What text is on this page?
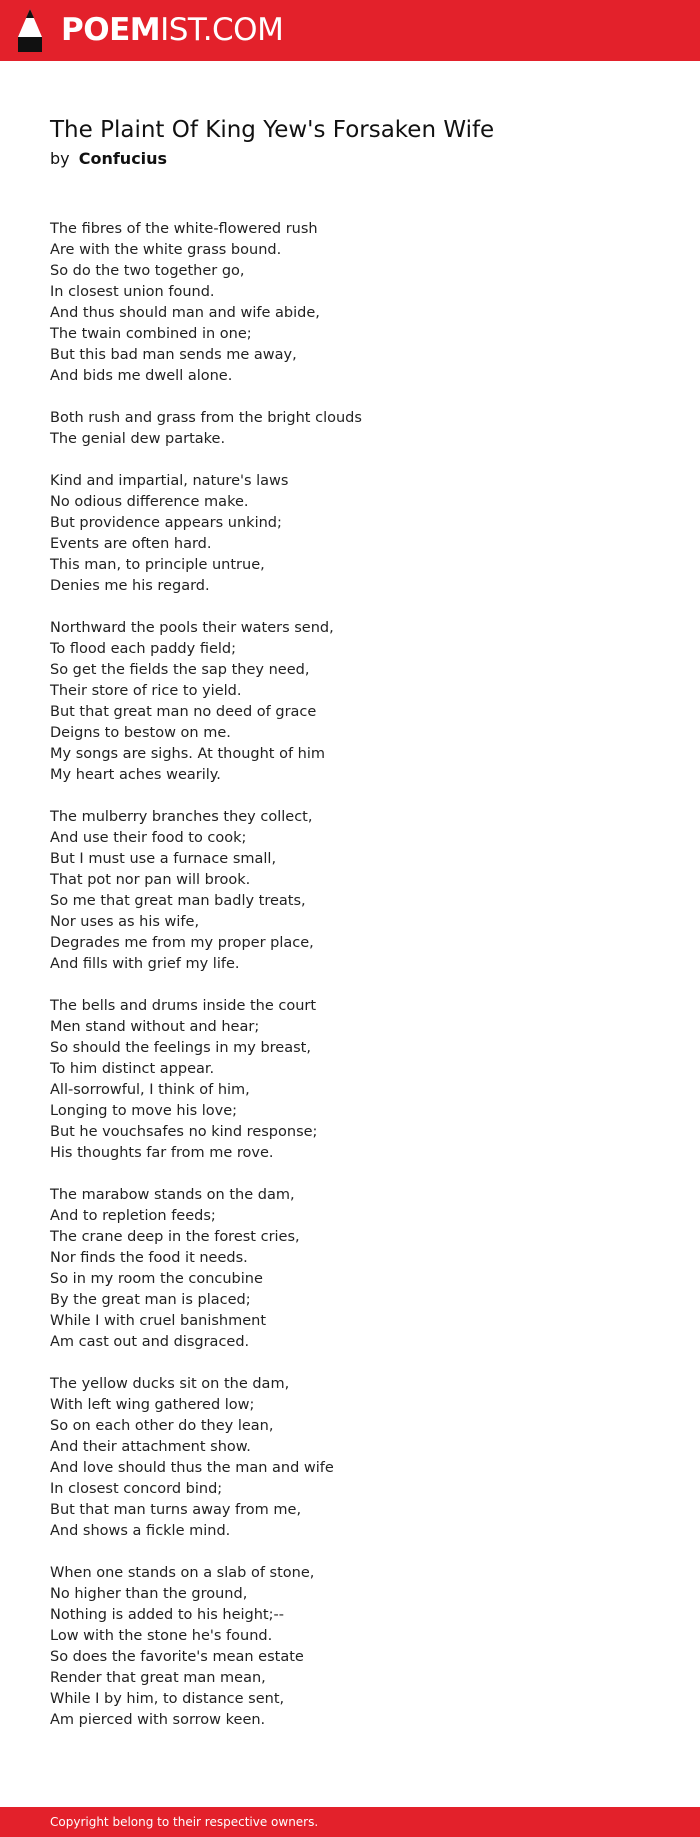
POEMIST.COM
The Plaint Of King Yew's Forsaken Wife
by Confucius
The fibres of the white-flowered rush
Are with the white grass bound.
So do the two together go,
In closest union found.
And thus should man and wife abide,
The twain combined in one;
But this bad man sends me away,
And bids me dwell alone.
Both rush and grass from the bright clouds
The genial dew partake.
Kind and impartial, nature's laws
No odious difference make.
But providence appears unkind;
Events are often hard.
This man, to principle untrue,
Denies me his regard.
Northward the pools their waters send,
To flood each paddy field;
So get the fields the sap they need,
Their store of rice to yield.
But that great man no deed of grace
Deigns to bestow on me.
My songs are sighs. At thought of him
My heart aches wearily.
The mulberry branches they collect,
And use their food to cook;
But I must use a furnace small,
That pot nor pan will brook.
So me that great man badly treats,
Nor uses as his wife,
Degrades me from my proper place,
And fills with grief my life.
The bells and drums inside the court
Men stand without and hear;
So should the feelings in my breast,
To him distinct appear.
All-sorrowful, I think of him,
Longing to move his love;
But he vouchsafes no kind response;
His thoughts far from me rove.
The marabow stands on the dam,
And to repletion feeds;
The crane deep in the forest cries,
Nor finds the food it needs.
So in my room the concubine
By the great man is placed;
While I with cruel banishment
Am cast out and disgraced.
The yellow ducks sit on the dam,
With left wing gathered low;
So on each other do they lean,
And their attachment show.
And love should thus the man and wife
In closest concord bind;
But that man turns away from me,
And shows a fickle mind.
When one stands on a slab of stone,
No higher than the ground,
Nothing is added to his height;--
Low with the stone he's found.
So does the favorite's mean estate
Render that great man mean,
While I by him, to distance sent,
Am pierced with sorrow keen.
Copyright belong to their respective owners.
